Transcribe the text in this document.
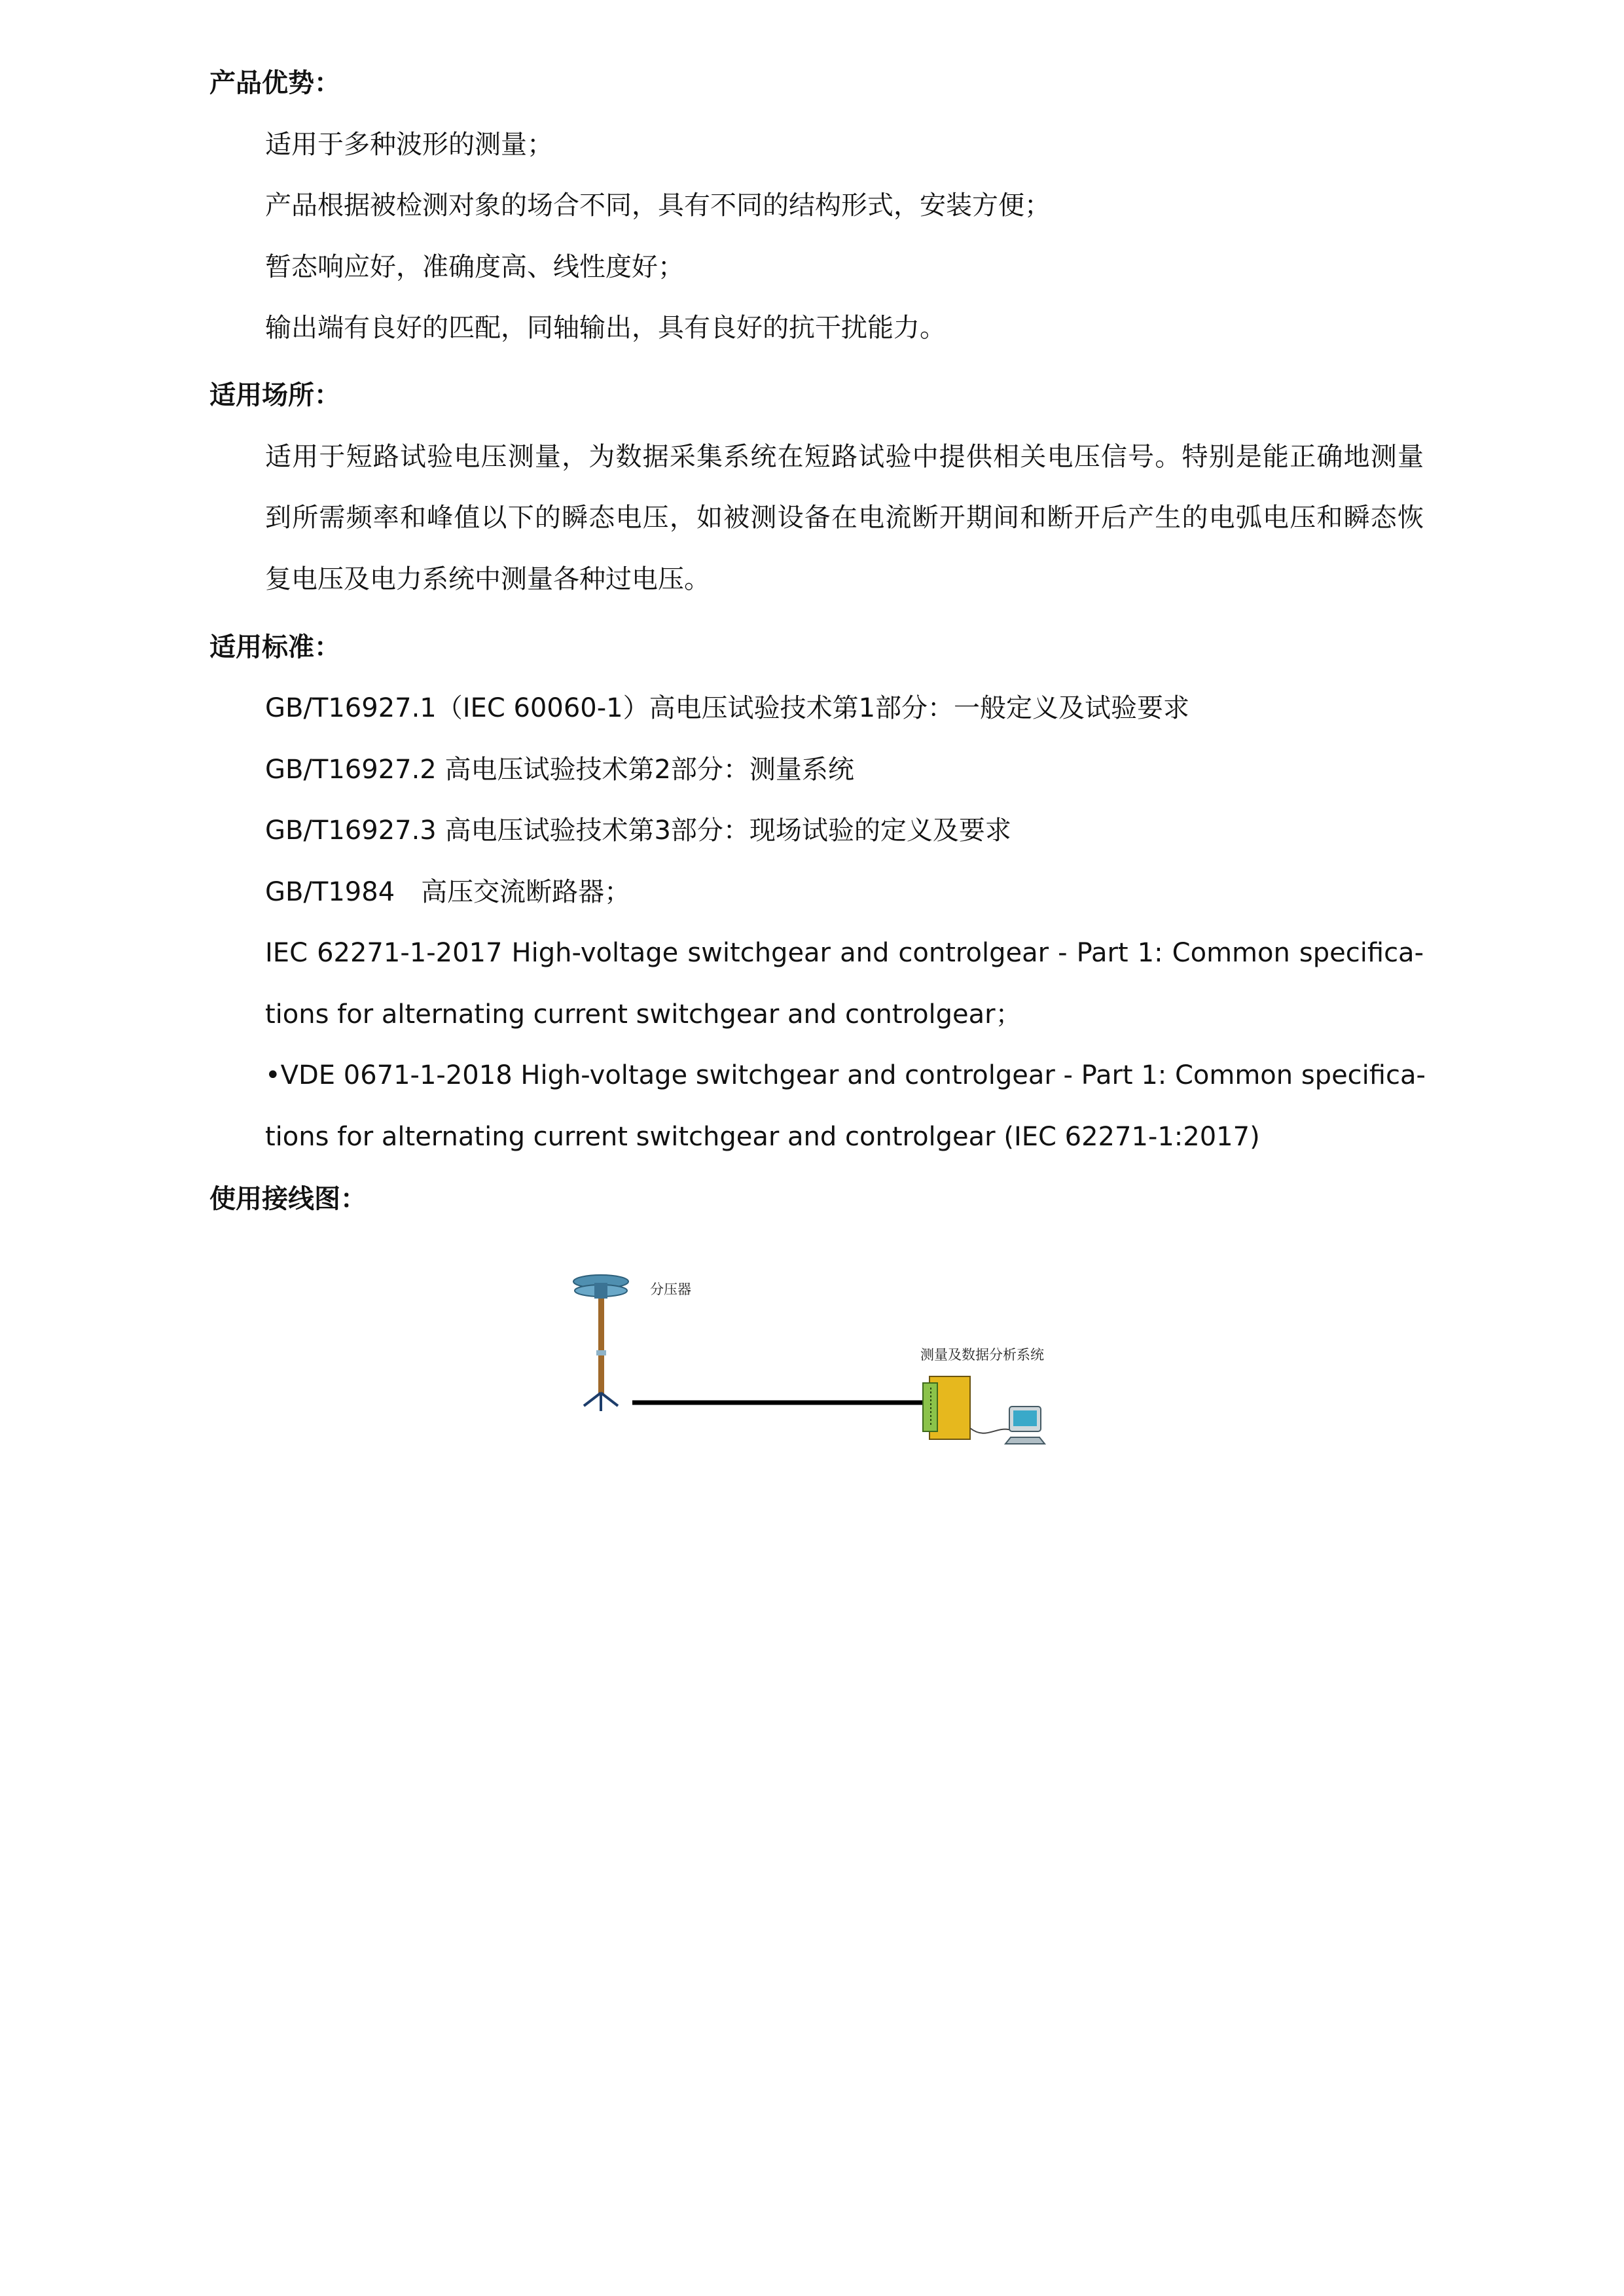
产品优势：
适用于多种波形的测量；
产品根据被检测对象的场合不同，具有不同的结构形式，安装方便；
暂态响应好，准确度高、线性度好；
输出端有良好的匹配，同轴输出，具有良好的抗干扰能力。
适用场所：
适用于短路试验电压测量，为数据采集系统在短路试验中提供相关电压信号。特别是能正确地测量
到所需频率和峰值以下的瞬态电压，如被测设备在电流断开期间和断开后产生的电弧电压和瞬态恢
复电压及电力系统中测量各种过电压。
适用标准：
GB/T16927.1（IEC 60060-1）高电压试验技术第1部分：一般定义及试验要求
GB/T16927.2 高电压试验技术第2部分：测量系统
GB/T16927.3 高电压试验技术第3部分：现场试验的定义及要求
GB/T1984　高压交流断路器；
IEC 62271-1-2017 High-voltage switchgear and controlgear - Part 1: Common specifica-
tions for alternating current switchgear and controlgear；
•VDE 0671-1-2018 High-voltage switchgear and controlgear - Part 1: Common specifica-
tions for alternating current switchgear and controlgear (IEC 62271-1:2017)
使用接线图：
分压器
测量及数据分析系统
